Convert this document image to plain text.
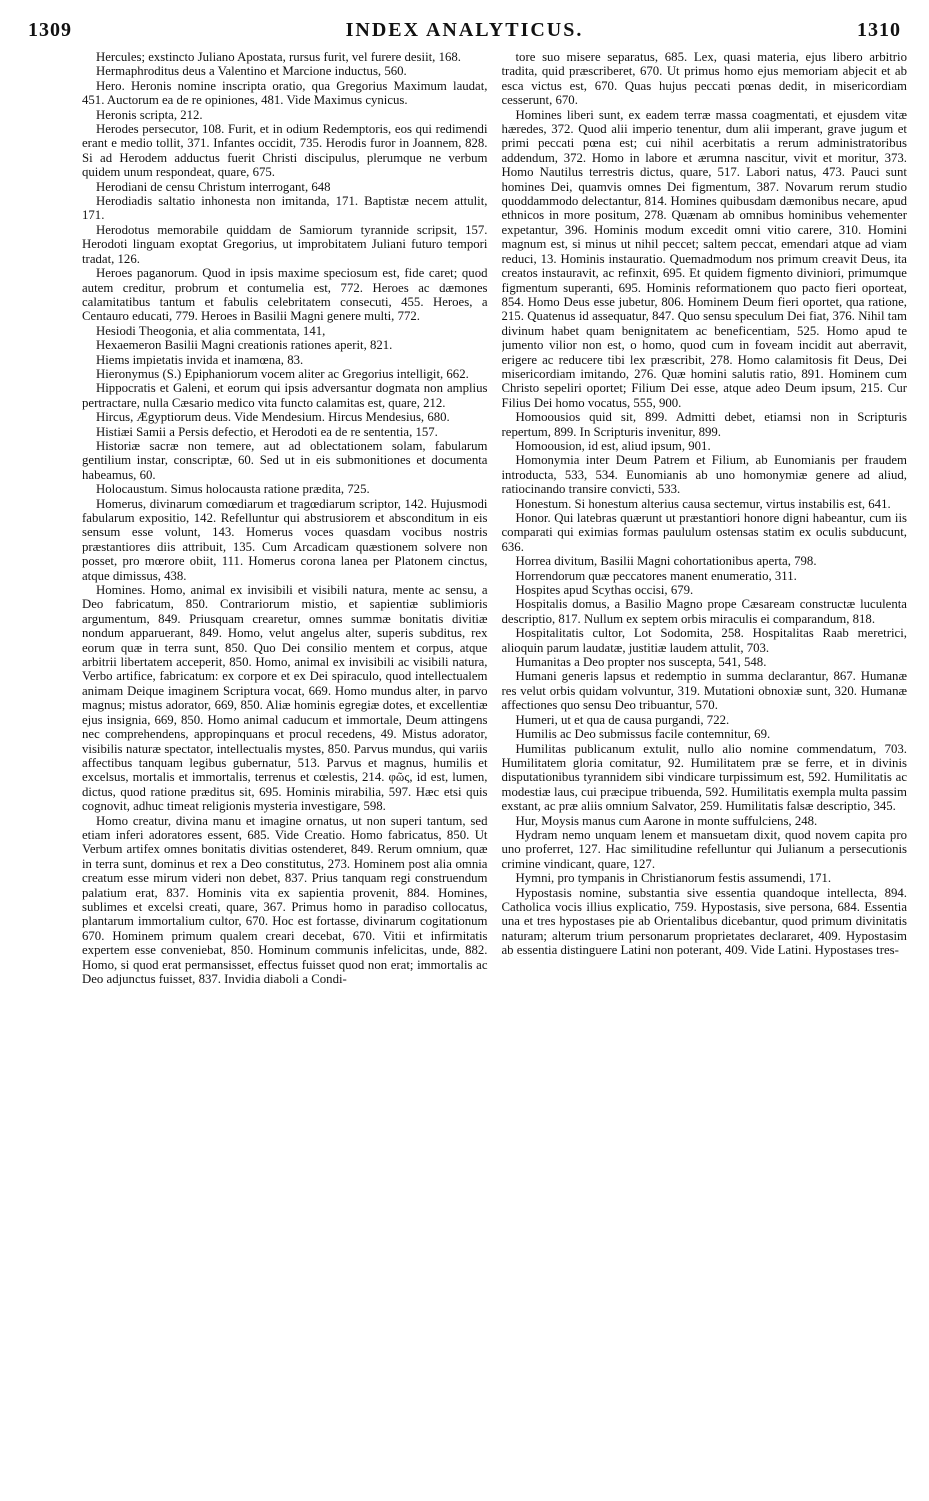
1309	INDEX ANALYTICUS.	1310

Hercules; exstincto Juliano Apostata, rursus furit, vel furere desiit, 168.

Hermaphroditus deus a Valentino et Marcione inductus, 560.

Hero. Heronis nomine inscripta oratio, qua Gregorius Maximum laudat, 451. Auctorum ea de re opiniones, 481. Vide Maximus cynicus.

Heronis scripta, 212.

Herodes persecutor, 108. Furit, et in odium Redemptoris, eos qui redimendi erant e medio tollit, 371. Infantes occidit, 735. Herodis furor in Joannem, 828. Si ad Herodem adductus fuerit Christi discipulus, plerumque ne verbum quidem unum respondeat, quare, 675.

Herodiani de censu Christum interrogant, 648

Herodiadis saltatio inhonesta non imitanda, 171. Baptistæ necem attulit, 171.

Herodotus memorabile quiddam de Samiorum tyrannide scripsit, 157. Herodoti linguam exoptat Gregorius, ut improbitatem Juliani futuro tempori tradat, 126.

Heroes paganorum. Quod in ipsis maxime speciosum est, fide caret; quod autem creditur, probrum et contumelia est, 772. Heroes ac dæmones calamitatibus tantum et fabulis celebritatem consecuti, 455. Heroes, a Centauro educati, 779. Heroes in Basilii Magni genere multi, 772.

Hesiodi Theogonia, et alia commentata, 141,

Hexaemeron Basilii Magni creationis rationes aperit, 821.

Hiems impietatis invida et inamœna, 83.

Hieronymus (S.) Epiphaniorum vocem aliter ac Gregorius intelligit, 662.

Hippocratis et Galeni, et eorum qui ipsis adversantur dogmata non amplius pertractare, nulla Cæsario medico vita functo calamitas est, quare, 212.

Hircus, Ægyptiorum deus. Vide Mendesium. Hircus Mendesius, 680.

Histiæi Samii a Persis defectio, et Herodoti ea de re sententia, 157.

Historiæ sacræ non temere, aut ad oblectationem solam, fabularum gentilium instar, conscriptæ, 60. Sed ut in eis submonitiones et documenta habeamus, 60.

Holocaustum. Simus holocausta ratione prædita, 725.

Homerus, divinarum comœdiarum et tragœdiarum scriptor, 142. Hujusmodi fabularum expositio, 142. Refelluntur qui abstrusiorem et absconditum in eis sensum esse volunt, 143. Homerus voces quasdam vocibus nostris præstantiores diis attribuit, 135. Cum Arcadicam quæstionem solvere non posset, pro mœrore obiit, 111. Homerus corona lanea per Platonem cinctus, atque dimissus, 438.

Homines. Homo, animal ex invisibili et visibili natura, mente ac sensu, a Deo fabricatum, 850. Contrariorum mistio, et sapientiæ sublimioris argumentum, 849. Priusquam crearetur, omnes summæ bonitatis divitiæ nondum apparuerant, 849. Homo, velut angelus alter, superis subditus, rex eorum quæ in terra sunt, 850. Quo Dei consilio mentem et corpus, atque arbitrii libertatem acceperit, 850. Homo, animal ex invisibili ac visibili natura, Verbo artifice, fabricatum: ex corpore et ex Dei spiraculo, quod intellectualem animam Deique imaginem Scriptura vocat, 669. Homo mundus alter, in parvo magnus; mistus adorator, 669, 850. Aliæ hominis egregiæ dotes, et excellentiæ ejus insignia, 669, 850. Homo animal caducum et immortale, Deum attingens nec comprehendens, appropinquans et procul recedens, 49. Mistus adorator, visibilis naturæ spectator, intellectualis mystes, 850. Parvus mundus, qui variis affectibus tanquam legibus gubernatur, 513. Parvus et magnus, humilis et excelsus, mortalis et immortalis, terrenus et cœlestis, 214. φῶς, id est, lumen, dictus, quod ratione præditus sit, 695. Hominis mirabilia, 597. Hæc etsi quis cognovit, adhuc timeat religionis mysteria investigare, 598.

Homo creatur, divina manu et imagine ornatus, ut non superi tantum, sed etiam inferi adoratores essent, 685. Vide Creatio. Homo fabricatus, 850. Ut Verbum artifex omnes bonitatis divitias ostenderet, 849. Rerum omnium, quæ in terra sunt, dominus et rex a Deo constitutus, 273. Hominem post alia omnia creatum esse mirum videri non debet, 837. Prius tanquam regi construendum palatium erat, 837. Hominis vita ex sapientia provenit, 884. Homines, sublimes et excelsi creati, quare, 367. Primus homo in paradiso collocatus, plantarum immortalium cultor, 670. Hoc est fortasse, divinarum cogitationum 670. Hominem primum qualem creari decebat, 670. Vitii et infirmitatis expertem esse conveniebat, 850. Hominum communis infelicitas, unde, 882. Homo, si quod erat permansisset, effectus fuisset quod non erat; immortalis ac Deo adjunctus fuisset, 837. Invidia diaboli a Condi-

tore suo misere separatus, 685. Lex, quasi materia, ejus libero arbitrio tradita, quid præscriberet, 670. Ut primus homo ejus memoriam abjecit et ab esca victus est, 670. Quas hujus peccati pœnas dedit, in misericordiam cesserunt, 670.

Homines liberi sunt, ex eadem terræ massa coagmentati, et ejusdem vitæ hæredes, 372. Quod alii imperio tenentur, dum alii imperant, grave jugum et primi peccati pœna est; cui nihil acerbitatis a rerum administratoribus addendum, 372. Homo in labore et ærumna nascitur, vivit et moritur, 373. Homo Nautilus terrestris dictus, quare, 517. Labori natus, 473. Pauci sunt homines Dei, quamvis omnes Dei figmentum, 387. Novarum rerum studio quoddammodo delectantur, 814. Homines quibusdam dæmonibus necare, apud ethnicos in more positum, 278. Quænam ab omnibus hominibus vehementer expetantur, 396. Hominis modum excedit omni vitio carere, 310. Homini magnum est, si minus ut nihil peccet; saltem peccat, emendari atque ad viam reduci, 13. Hominis instauratio. Quemadmodum nos primum creavit Deus, ita creatos instauravit, ac refinxit, 695. Et quidem figmento diviniori, primumque figmentum superanti, 695. Hominis reformationem quo pacto fieri oporteat, 854. Homo Deus esse jubetur, 806. Hominem Deum fieri oportet, qua ratione, 215. Quatenus id assequatur, 847. Quo sensu speculum Dei fiat, 376. Nihil tam divinum habet quam benignitatem ac beneficentiam, 525. Homo apud te jumento vilior non est, o homo, quod cum in foveam incidit aut aberravit, erigere ac reducere tibi lex præscribit, 278. Homo calamitosis fit Deus, Dei misericordiam imitando, 276. Quæ homini salutis ratio, 891. Hominem cum Christo sepeliri oportet; Filium Dei esse, atque adeo Deum ipsum, 215. Cur Filius Dei homo vocatus, 555, 900.

Homoousios quid sit, 899. Admitti debet, etiamsi non in Scripturis repertum, 899. In Scripturis invenitur, 899.

Homoousion, id est, aliud ipsum, 901.

Homonymia inter Deum Patrem et Filium, ab Eunomianis per fraudem introducta, 533, 534. Eunomianis ab uno homonymiæ genere ad aliud, ratiocinando transire convicti, 533.

Honestum. Si honestum alterius causa sectemur, virtus instabilis est, 641.

Honor. Qui latebras quærunt ut præstantiori honore digni habeantur, cum iis comparati qui eximias formas paululum ostensas statim ex oculis subducunt, 636.

Horrea divitum, Basilii Magni cohortationibus aperta, 798.

Horrendorum quæ peccatores manent enumeratio, 311.

Hospites apud Scythas occisi, 679.

Hospitalis domus, a Basilio Magno prope Cæsaream constructæ luculenta descriptio, 817. Nullum ex septem orbis miraculis ei comparandum, 818.

Hospitalitatis cultor, Lot Sodomita, 258. Hospitalitas Raab meretrici, alioquin parum laudatæ, justitiæ laudem attulit, 703.

Humanitas a Deo propter nos suscepta, 541, 548.

Humani generis lapsus et redemptio in summa declarantur, 867. Humanæ res velut orbis quidam volvuntur, 319. Mutationi obnoxiæ sunt, 320. Humanæ affectiones quo sensu Deo tribuantur, 570.

Humeri, ut et qua de causa purgandi, 722.

Humilis ac Deo submissus facile contemnitur, 69.

Humilitas publicanum extulit, nullo alio nomine commendatum, 703. Humilitatem gloria comitatur, 92. Humilitatem præ se ferre, et in divinis disputationibus tyrannidem sibi vindicare turpissimum est, 592. Humilitatis ac modestiæ laus, cui præcipue tribuenda, 592. Humilitatis exempla multa passim exstant, ac præ aliis omnium Salvator, 259. Humilitatis falsæ descriptio, 345.

Hur, Moysis manus cum Aarone in monte suffulciens, 248.

Hydram nemo unquam lenem et mansuetam dixit, quod novem capita pro uno proferret, 127. Hac similitudine refelluntur qui Julianum a persecutionis crimine vindicant, quare, 127.

Hymni, pro tympanis in Christianorum festis assumendi, 171.

Hypostasis nomine, substantia sive essentia quandoque intellecta, 894. Catholica vocis illius explicatio, 759. Hypostasis, sive persona, 684. Essentia una et tres hypostases pie ab Orientalibus dicebantur, quod primum divinitatis naturam; alterum trium personarum proprietates declararet, 409. Hypostasim ab essentia distinguere Latini non poterant, 409. Vide Latini. Hypostases tres-
